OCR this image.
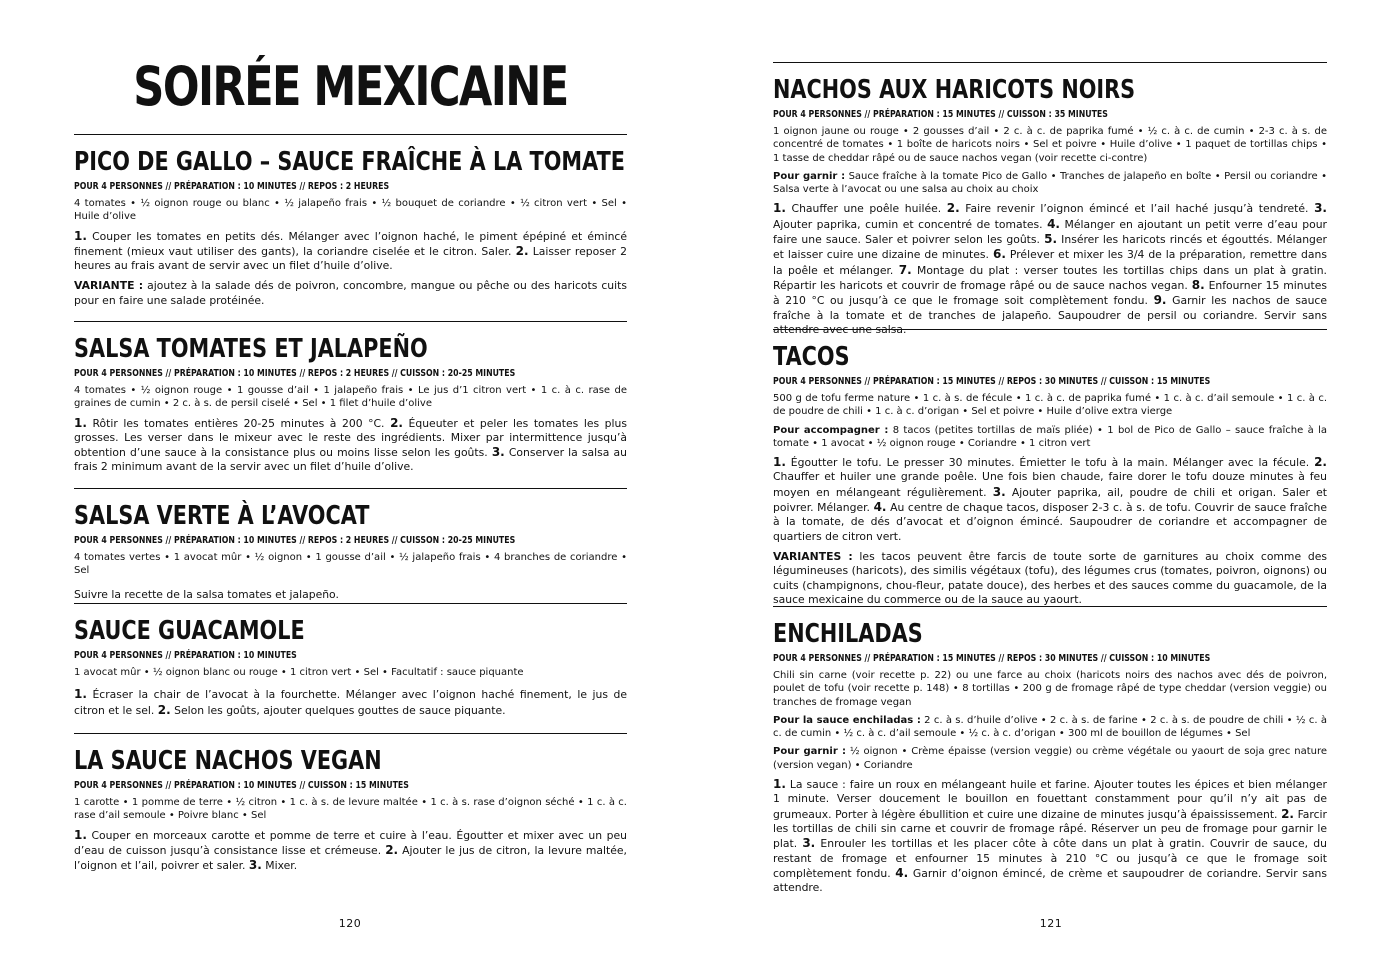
SOIRÉE MEXICAINE
PICO DE GALLO – SAUCE FRAÎCHE À LA TOMATE
POUR 4 PERSONNES // PRÉPARATION : 10 MINUTES // REPOS : 2 HEURES
4 tomates • ½ oignon rouge ou blanc • ½ jalapeño frais • ½ bouquet de coriandre • ½ citron vert • Sel • Huile d’olive
1. Couper les tomates en petits dés. Mélanger avec l’oignon haché, le piment épépiné et émincé finement (mieux vaut utiliser des gants), la coriandre ciselée et le citron. Saler. 2. Laisser reposer 2 heures au frais avant de servir avec un filet d’huile d’olive.
VARIANTE : ajoutez à la salade dés de poivron, concombre, mangue ou pêche ou des haricots cuits pour en faire une salade protéinée.
SALSA TOMATES ET JALAPEÑO
POUR 4 PERSONNES // PRÉPARATION : 10 MINUTES // REPOS : 2 HEURES // CUISSON : 20-25 MINUTES
4 tomates • ½ oignon rouge • 1 gousse d’ail • 1 jalapeño frais • Le jus d’1 citron vert • 1 c. à c. rase de graines de cumin • 2 c. à s. de persil ciselé • Sel • 1 filet d’huile d’olive
1. Rôtir les tomates entières 20-25 minutes à 200 °C. 2. Équeuter et peler les tomates les plus grosses. Les verser dans le mixeur avec le reste des ingrédients. Mixer par intermittence jusqu’à obtention d’une sauce à la consistance plus ou moins lisse selon les goûts. 3. Conserver la salsa au frais 2 minimum avant de la servir avec un filet d’huile d’olive.
SALSA VERTE À L’AVOCAT
POUR 4 PERSONNES // PRÉPARATION : 10 MINUTES // REPOS : 2 HEURES // CUISSON : 20-25 MINUTES
4 tomates vertes • 1 avocat mûr • ½ oignon • 1 gousse d’ail • ½ jalapeño frais • 4 branches de coriandre • Sel
Suivre la recette de la salsa tomates et jalapeño.
SAUCE GUACAMOLE
POUR 4 PERSONNES // PRÉPARATION : 10 MINUTES
1 avocat mûr • ½ oignon blanc ou rouge • 1 citron vert • Sel • Facultatif : sauce piquante
1. Écraser la chair de l’avocat à la fourchette. Mélanger avec l’oignon haché finement, le jus de citron et le sel. 2. Selon les goûts, ajouter quelques gouttes de sauce piquante.
LA SAUCE NACHOS VEGAN
POUR 4 PERSONNES // PRÉPARATION : 10 MINUTES // CUISSON : 15 MINUTES
1 carotte • 1 pomme de terre • ½ citron • 1 c. à s. de levure maltée • 1 c. à s. rase d’oignon séché • 1 c. à c. rase d’ail semoule • Poivre blanc • Sel
1. Couper en morceaux carotte et pomme de terre et cuire à l’eau. Égoutter et mixer avec un peu d’eau de cuisson jusqu’à consistance lisse et crémeuse. 2. Ajouter le jus de citron, la levure maltée, l’oignon et l’ail, poivrer et saler. 3. Mixer.
120
NACHOS AUX HARICOTS NOIRS
POUR 4 PERSONNES // PRÉPARATION : 15 MINUTES // CUISSON : 35 MINUTES
1 oignon jaune ou rouge • 2 gousses d’ail • 2 c. à c. de paprika fumé • ½ c. à c. de cumin • 2-3 c. à s. de concentré de tomates • 1 boîte de haricots noirs • Sel et poivre • Huile d’olive • 1 paquet de tortillas chips • 1 tasse de cheddar râpé ou de sauce nachos vegan (voir recette ci-contre)
Pour garnir : Sauce fraîche à la tomate Pico de Gallo • Tranches de jalapeño en boîte • Persil ou coriandre • Salsa verte à l’avocat ou une salsa au choix au choix
1. Chauffer une poêle huilée. 2. Faire revenir l’oignon émincé et l’ail haché jusqu’à tendreté. 3. Ajouter paprika, cumin et concentré de tomates. 4. Mélanger en ajoutant un petit verre d’eau pour faire une sauce. Saler et poivrer selon les goûts. 5. Insérer les haricots rincés et égouttés. Mélanger et laisser cuire une dizaine de minutes. 6. Prélever et mixer les 3/4 de la préparation, remettre dans la poêle et mélanger. 7. Montage du plat : verser toutes les tortillas chips dans un plat à gratin. Répartir les haricots et couvrir de fromage râpé ou de sauce nachos vegan. 8. Enfourner 15 minutes à 210 °C ou jusqu’à ce que le fromage soit complètement fondu. 9. Garnir les nachos de sauce fraîche à la tomate et de tranches de jalapeño. Saupoudrer de persil ou coriandre. Servir sans attendre avec une salsa.
TACOS
POUR 4 PERSONNES // PRÉPARATION : 15 MINUTES // REPOS : 30 MINUTES // CUISSON : 15 MINUTES
500 g de tofu ferme nature • 1 c. à s. de fécule • 1 c. à c. de paprika fumé • 1 c. à c. d’ail semoule • 1 c. à c. de poudre de chili • 1 c. à c. d’origan • Sel et poivre • Huile d’olive extra vierge
Pour accompagner : 8 tacos (petites tortillas de maïs pliée) • 1 bol de Pico de Gallo – sauce fraîche à la tomate • 1 avocat • ½ oignon rouge • Coriandre • 1 citron vert
1. Égoutter le tofu. Le presser 30 minutes. Émietter le tofu à la main. Mélanger avec la fécule. 2. Chauffer et huiler une grande poêle. Une fois bien chaude, faire dorer le tofu douze minutes à feu moyen en mélangeant régulièrement. 3. Ajouter paprika, ail, poudre de chili et origan. Saler et poivrer. Mélanger. 4. Au centre de chaque tacos, disposer 2-3 c. à s. de tofu. Couvrir de sauce fraîche à la tomate, de dés d’avocat et d’oignon émincé. Saupoudrer de coriandre et accompagner de quartiers de citron vert.
VARIANTES : les tacos peuvent être farcis de toute sorte de garnitures au choix comme des légumineuses (haricots), des similis végétaux (tofu), des légumes crus (tomates, poivron, oignons) ou cuits (champignons, chou-fleur, patate douce), des herbes et des sauces comme du guacamole, de la sauce mexicaine du commerce ou de la sauce au yaourt.
ENCHILADAS
POUR 4 PERSONNES // PRÉPARATION : 15 MINUTES // REPOS : 30 MINUTES // CUISSON : 10 MINUTES
Chili sin carne (voir recette p. 22) ou une farce au choix (haricots noirs des nachos avec dés de poivron, poulet de tofu (voir recette p. 148) • 8 tortillas • 200 g de fromage râpé de type cheddar (version veggie) ou tranches de fromage vegan
Pour la sauce enchiladas : 2 c. à s. d’huile d’olive • 2 c. à s. de farine • 2 c. à s. de poudre de chili • ½ c. à c. de cumin • ½ c. à c. d’ail semoule • ½ c. à c. d’origan • 300 ml de bouillon de légumes • Sel
Pour garnir : ½ oignon • Crème épaisse (version veggie) ou crème végétale ou yaourt de soja grec nature (version vegan) • Coriandre
1. La sauce : faire un roux en mélangeant huile et farine. Ajouter toutes les épices et bien mélanger 1 minute. Verser doucement le bouillon en fouettant constamment pour qu’il n’y ait pas de grumeaux. Porter à légère ébullition et cuire une dizaine de minutes jusqu’à épaississement. 2. Farcir les tortillas de chili sin carne et couvrir de fromage râpé. Réserver un peu de fromage pour garnir le plat. 3. Enrouler les tortillas et les placer côte à côte dans un plat à gratin. Couvrir de sauce, du restant de fromage et enfourner 15 minutes à 210 °C ou jusqu’à ce que le fromage soit complètement fondu. 4. Garnir d’oignon émincé, de crème et saupoudrer de coriandre. Servir sans attendre.
121
